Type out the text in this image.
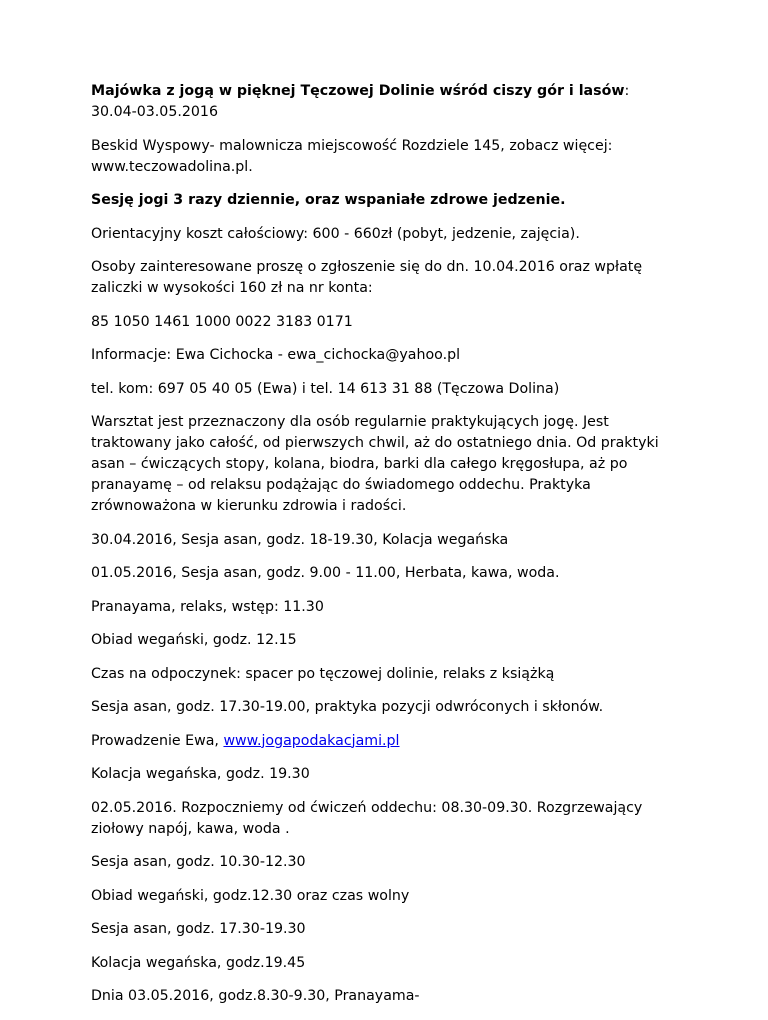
Majówka z jogą w pięknej Tęczowej Dolinie wśród ciszy gór i lasów:
30.04-03.05.2016

Beskid Wyspowy- malownicza miejscowość Rozdziele 145, zobacz więcej: www.teczowadolina.pl.

Sesję jogi 3 razy dziennie, oraz wspaniałe zdrowe jedzenie.

Orientacyjny koszt całościowy: 600 - 660zł (pobyt, jedzenie, zajęcia).

Osoby zainteresowane proszę o zgłoszenie się do dn. 10.04.2016 oraz wpłatę zaliczki w wysokości 160 zł na nr konta:

85 1050 1461 1000 0022 3183 0171

Informacje: Ewa Cichocka - ewa_cichocka@yahoo.pl

tel. kom: 697 05 40 05 (Ewa) i tel. 14 613 31 88 (Tęczowa Dolina)

Warsztat jest przeznaczony dla osób regularnie praktykujących jogę. Jest traktowany jako całość, od pierwszych chwil, aż do ostatniego dnia. Od praktyki asan – ćwiczących stopy, kolana, biodra, barki dla całego kręgosłupa, aż po pranayamę – od relaksu podążając do świadomego oddechu. Praktyka zrównoważona w kierunku zdrowia i radości.

30.04.2016, Sesja asan, godz. 18-19.30, Kolacja wegańska

01.05.2016, Sesja asan, godz. 9.00 - 11.00, Herbata, kawa, woda.

Pranayama, relaks, wstęp: 11.30

Obiad wegański, godz. 12.15

Czas na odpoczynek: spacer po tęczowej dolinie, relaks z książką

Sesja asan, godz. 17.30-19.00, praktyka pozycji odwróconych i skłonów.

Prowadzenie Ewa, www.jogapodakacjami.pl

Kolacja wegańska, godz. 19.30

02.05.2016. Rozpoczniemy od ćwiczeń oddechu: 08.30-09.30. Rozgrzewający ziołowy napój, kawa, woda .

Sesja asan, godz. 10.30-12.30

Obiad wegański, godz.12.30 oraz czas wolny

Sesja asan, godz. 17.30-19.30

Kolacja wegańska, godz.19.45

Dnia 03.05.2016, godz.8.30-9.30, Pranayama-
